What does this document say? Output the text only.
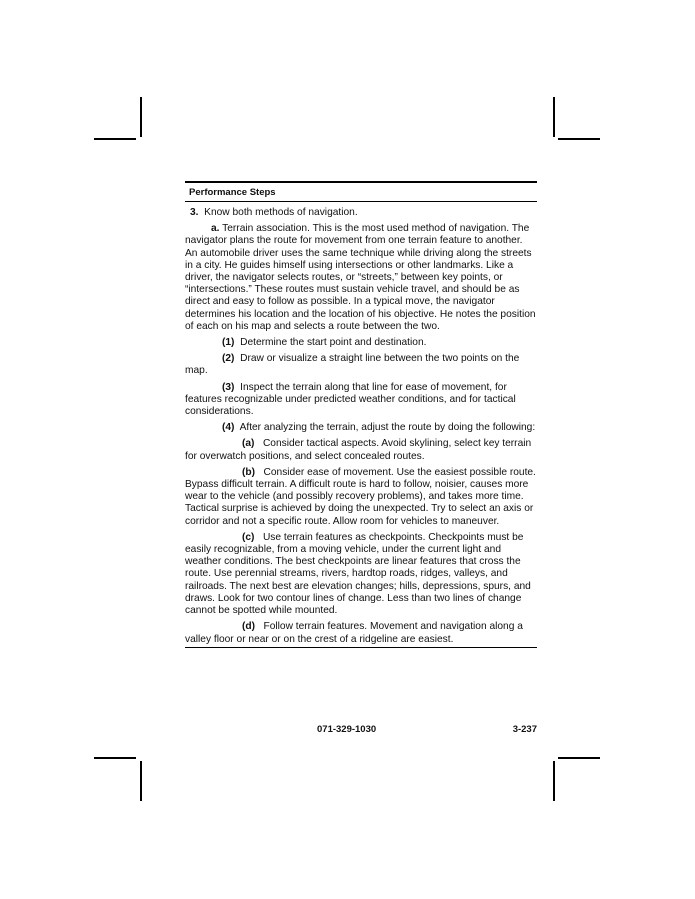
Performance Steps

3. Know both methods of navigation.

a. Terrain association. This is the most used method of navigation. The navigator plans the route for movement from one terrain feature to another. An automobile driver uses the same technique while driving along the streets in a city. He guides himself using intersections or other landmarks. Like a driver, the navigator selects routes, or “streets,” between key points, or “intersections.” These routes must sustain vehicle travel, and should be as direct and easy to follow as possible. In a typical move, the navigator determines his location and the location of his objective. He notes the position of each on his map and selects a route between the two.

(1) Determine the start point and destination.

(2) Draw or visualize a straight line between the two points on the map.

(3) Inspect the terrain along that line for ease of movement, for features recognizable under predicted weather conditions, and for tactical considerations.

(4) After analyzing the terrain, adjust the route by doing the following:

(a) Consider tactical aspects. Avoid skylining, select key terrain for overwatch positions, and select concealed routes.

(b) Consider ease of movement. Use the easiest possible route. Bypass difficult terrain. A difficult route is hard to follow, noisier, causes more wear to the vehicle (and possibly recovery problems), and takes more time. Tactical surprise is achieved by doing the unexpected. Try to select an axis or corridor and not a specific route. Allow room for vehicles to maneuver.

(c) Use terrain features as checkpoints. Checkpoints must be easily recognizable, from a moving vehicle, under the current light and weather conditions. The best checkpoints are linear features that cross the route. Use perennial streams, rivers, hardtop roads, ridges, valleys, and railroads. The next best are elevation changes; hills, depressions, spurs, and draws. Look for two contour lines of change. Less than two lines of change cannot be spotted while mounted.

(d) Follow terrain features. Movement and navigation along a valley floor or near or on the crest of a ridgeline are easiest.

071-329-1030	3-237
